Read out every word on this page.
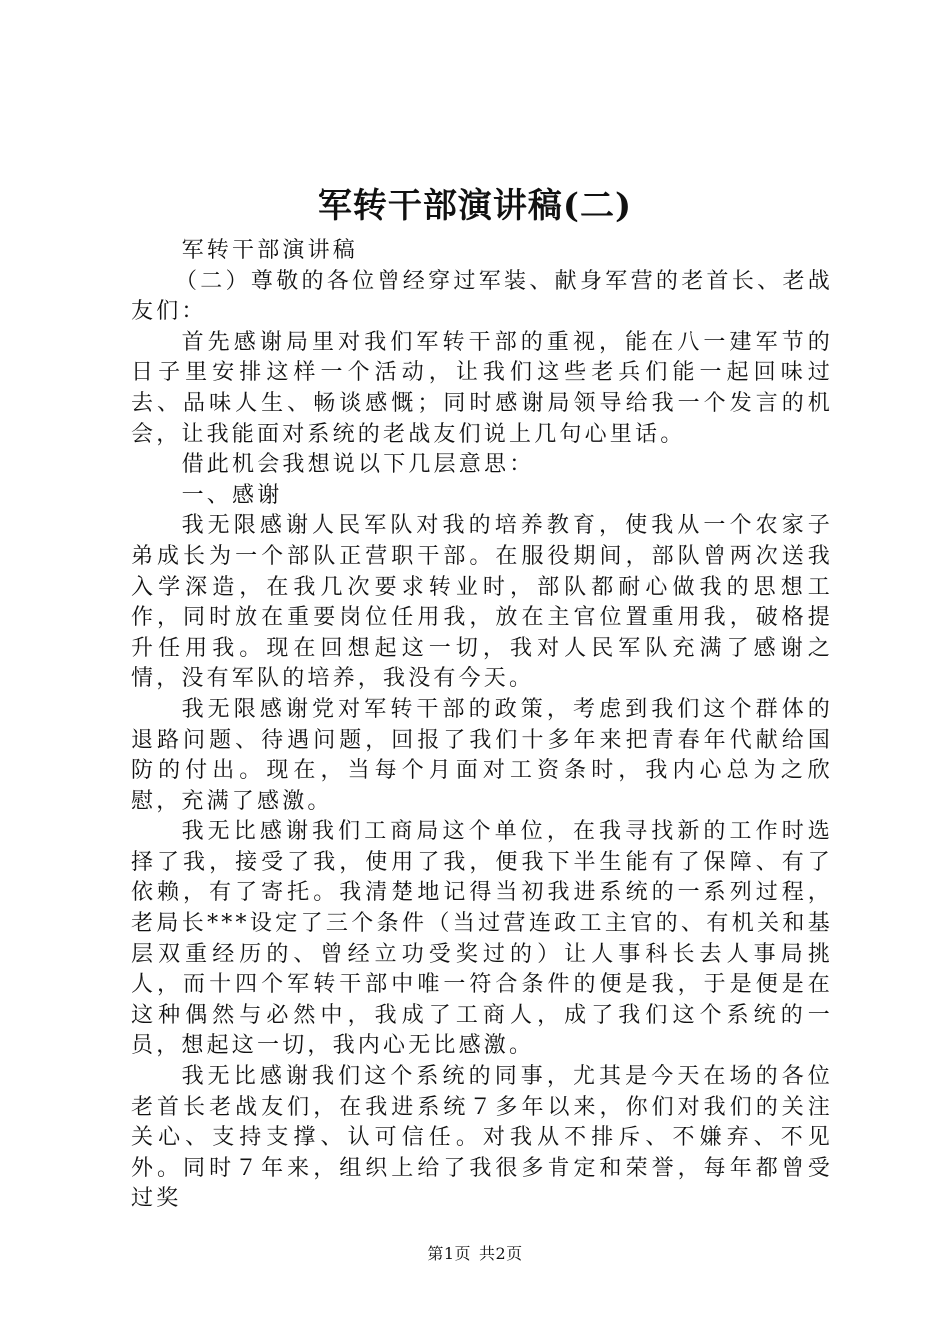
军转干部演讲稿(二)

军转干部演讲稿

（二）尊敬的各位曾经穿过军装、献身军营的老首长、老战友们：

首先感谢局里对我们军转干部的重视，能在八一建军节的日子里安排这样一个活动，让我们这些老兵们能一起回味过去、品味人生、畅谈感慨；同时感谢局领导给我一个发言的机会，让我能面对系统的老战友们说上几句心里话。

借此机会我想说以下几层意思：

一、感谢

我无限感谢人民军队对我的培养教育，使我从一个农家子弟成长为一个部队正营职干部。在服役期间，部队曾两次送我入学深造，在我几次要求转业时，部队都耐心做我的思想工作，同时放在重要岗位任用我，放在主官位置重用我，破格提升任用我。现在回想起这一切，我对人民军队充满了感谢之情，没有军队的培养，我没有今天。

我无限感谢党对军转干部的政策，考虑到我们这个群体的退路问题、待遇问题，回报了我们十多年来把青春年代献给国防的付出。现在，当每个月面对工资条时，我内心总为之欣慰，充满了感激。

我无比感谢我们工商局这个单位，在我寻找新的工作时选择了我，接受了我，使用了我，便我下半生能有了保障、有了依赖，有了寄托。我清楚地记得当初我进系统的一系列过程，老局长***设定了三个条件（当过营连政工主官的、有机关和基层双重经历的、曾经立功受奖过的）让人事科长去人事局挑人，而十四个军转干部中唯一符合条件的便是我，于是便是在这种偶然与必然中，我成了工商人，成了我们这个系统的一员，想起这一切，我内心无比感激。

我无比感谢我们这个系统的同事，尤其是今天在场的各位老首长老战友们，在我进系统７多年以来，你们对我们的关注关心、支持支撑、认可信任。对我从不排斥、不嫌弃、不见外。同时７年来，组织上给了我很多肯定和荣誉，每年都曾受过奖

第1页 共2页
